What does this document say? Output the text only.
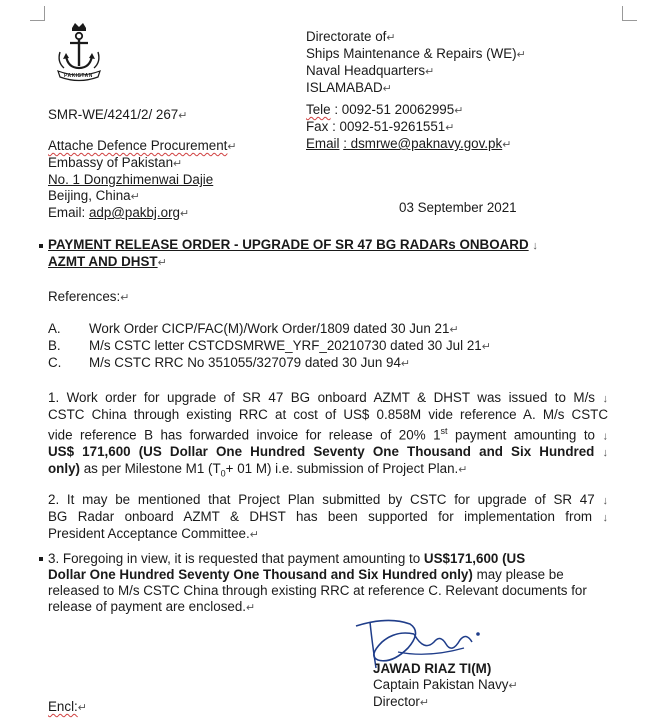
PAKISTAN
Directorate of↵
Ships Maintenance & Repairs (WE)↵
Naval Headquarters↵
ISLAMABAD↵
Tele : 0092-51 20062995↵
Fax : 0092-51-9261551↵
Email : dsmrwe@paknavy.gov.pk↵
SMR-WE/4241/2/ 267↵
Attache Defence Procurement↵
Embassy of Pakistan↵
No. 1 Dongzhimenwai Dajie
Beijing, China↵
Email: adp@pakbj.org↵	03 September 2021
PAYMENT RELEASE ORDER - UPGRADE OF SR 47 BG RADARs ONBOARD ↓
AZMT AND DHST↵
References:↵
A. Work Order CICP/FAC(M)/Work Order/1809 dated 30 Jun 21↵
B. M/s CSTC letter CSTCDSMRWE_YRF_20210730 dated 30 Jul 21↵
C. M/s CSTC RRC No 351055/327079 dated 30 Jun 94↵
1. Work order for upgrade of SR 47 BG onboard AZMT & DHST was issued to M/s ↓
CSTC China through existing RRC at cost of US$ 0.858M vide reference A. M/s CSTC
vide reference B has forwarded invoice for release of 20% 1st payment amounting to ↓
US$ 171,600 (US Dollar One Hundred Seventy One Thousand and Six Hundred ↓
only) as per Milestone M1 ($T_0+ 01$ M) i.e. submission of Project Plan.↵
2. It may be mentioned that Project Plan submitted by CSTC for upgrade of SR 47 ↓
BG Radar onboard AZMT & DHST has been supported for implementation from ↓
President Acceptance Committee.↵
3. Foregoing in view, it is requested that payment amounting to US$171,600 (US
Dollar One Hundred Seventy One Thousand and Six Hundred only) may please be
released to M/s CSTC China through existing RRC at reference C. Relevant documents for
release of payment are enclosed.↵
JAWAD RIAZ TI(M)
Captain Pakistan Navy↵
Director↵
Encl:↵
